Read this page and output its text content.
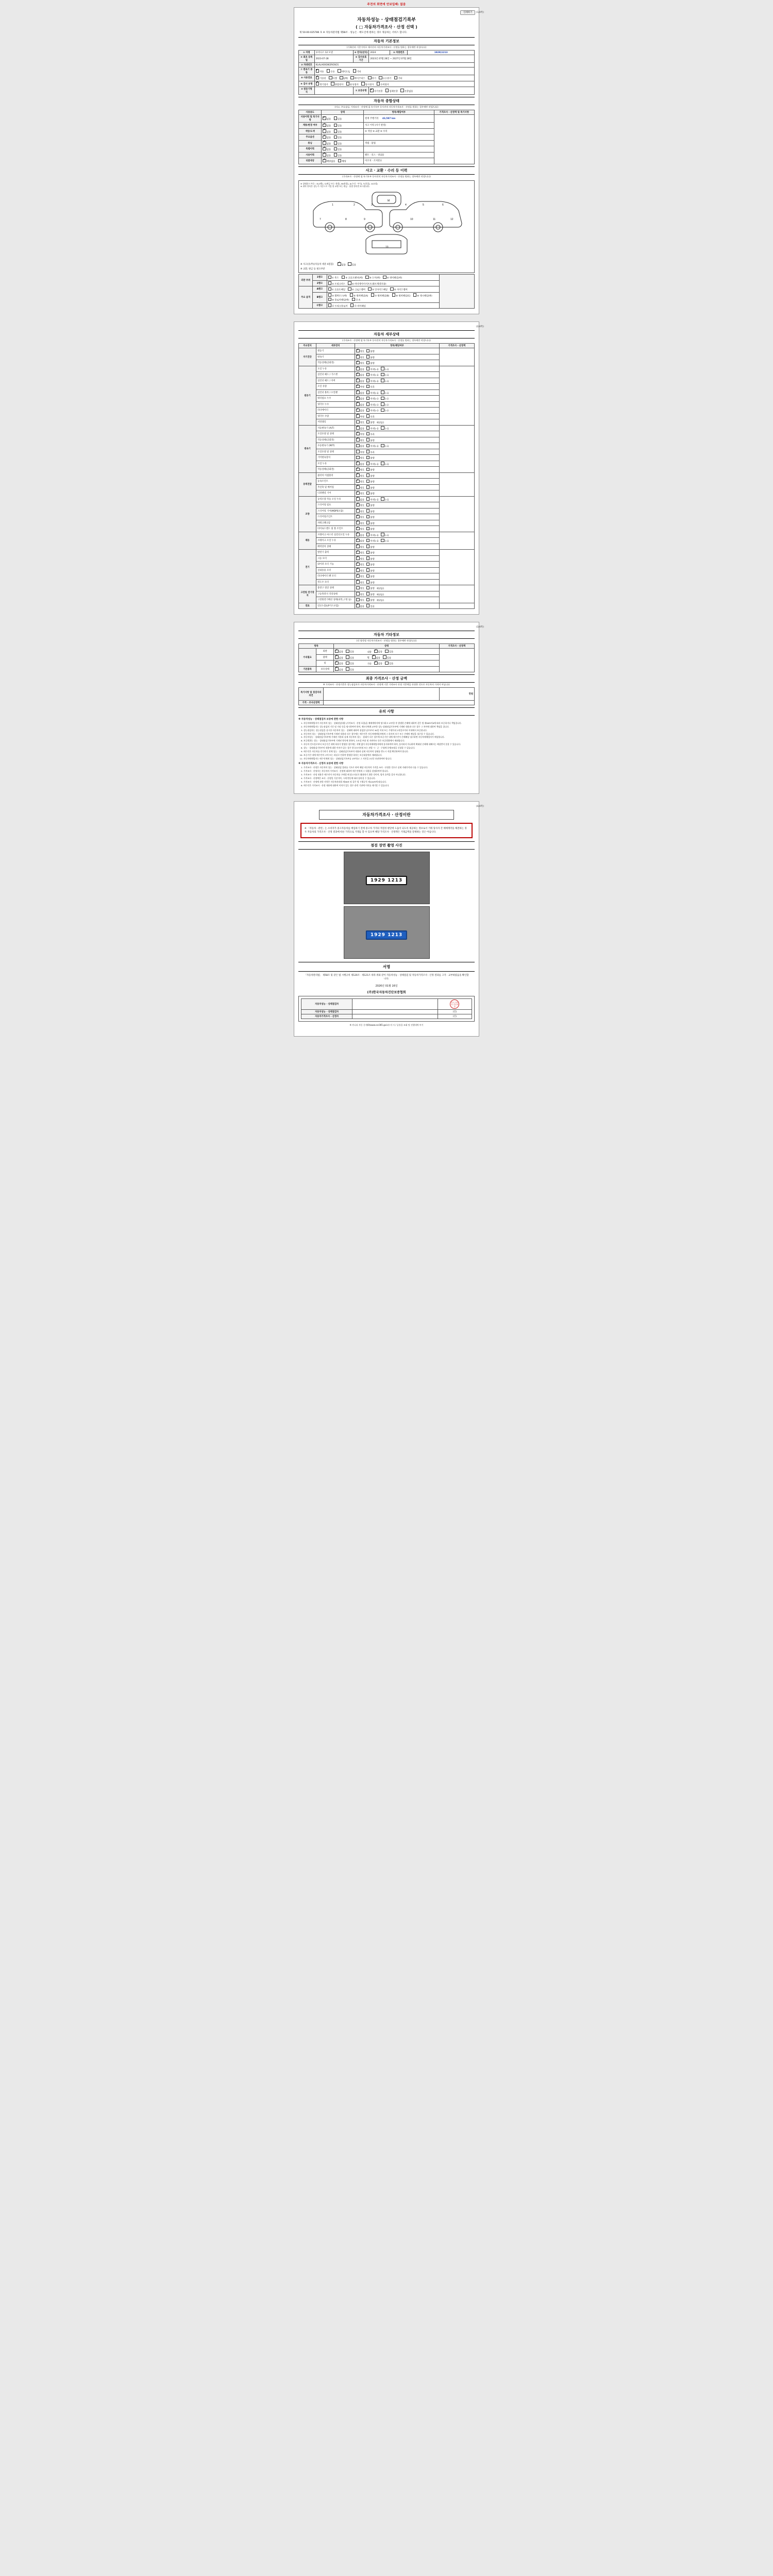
주전의 회면에 안보입때: 없음
인쇄하기 (1/4쪽)
자동차성능 · 상태점검기록부
( □ 자동차가격조사 · 산정 선택 )
제 50-00-025786 호 ※ 자동차관리법 제58조 · 성능은 · 매도인에 원하는 경우 제공하는 서비스 합니다.
자동차 기본정보
(가족신과 기준가치로 제시산의 자동차가격조사 · 산정를 원하는 경우에만 작성/니다)
① 차명	루비니스 12 모델	④ 연식(년식)	2024	⑤ 차량번호	1929)1213
② 최초 등록일	2023-07-28	⑥ 검사유효기간	2023년 07월 28일 ~ 2027년 07월 28일		
③ 차대번호	KLALA00GW2ROSO1				
⑦ 변속기 종류	✔자동 수동 세미오토 기타
⑧ 사용연료	✔가솔린 디젤 LPG 하이브리드 전기 수소전기 기타
⑨ 검사 유형	✔정기검사 종합검사 튜닝검사 임시검사 수리검사
⑩ 원동기형식		① 보증유형	✔자가보증 업체보증 보증없음
자동차 종합상태
(비고, 주요점검, 가격조사 · 산정에 필 록기록부 등사진의 자동차가격조사 · 산정를 원하는 경우에만 작성/니다)
사용용도	상태	항목/해당여부	가격조사 · 산정액 및 특기사항
사용이력 및 특기사항	✔없음 있음	현재 주행거리 43,587 km	
계통/변경 여부	✔없음 있음	사고 이력 (자기 판정)	
색상/도색	✔없음 있음	② 색상 ③ 교환 ④ 수리	
주요옵션	✔없음 있음	
튜닝	✔없음 있음	적법 · 불법	
특별이력	✔없음 있음	
사용이력	✔없음 있음	렌트 · 리스 · 영업용	
리콜대상	✔해당없음 해당	미조치 · 조치완료	
사고 · 교환 · 수리 등 이력
(가격조사 · 산정에 필 록기록부 등사진의 자동차가격조사 · 산정를 원하는 경우에만 작성/니다)
※ 상태표시 부호 : X(교환), C(판금 또는 용접), W(용접), A(수리 · 부식), T(흠집), U(요철)
※ 위의 항목은 성능가 기준으로 기입 및 교환 또는 판금 · 용접 항목만 표시합니다.
1	2	3
M
4	5	6
7	8	9	10	11	12
13
※ 사고(유/무)(자동차 세분 4점검) ✔	없음	있음
※ 교환, 판금 등 필요부분
외판 부위	1랭크	① 후드 ② 프론트펜더(좌) ③ 도어(좌) ④ 쿼터패널(좌)	
	2랭크	⑤ 트렁크리드 ⑥ 라디에이터서포트(볼트체결부품)	
주요 골격	A랭크	① 프론트패널 ② 크로스멤버 ③ 인사이드패널 ④ 사이드멤버	
	B랭크	⑤ 휠하우스(좌) ⑥ 필러패널(A) ⑦ 필러패널(B) ⑧ 필러패널(C) ⑨ 대시패널(좌) ⑩ 플로어패널(좌) ⑪ A	
	C랭크	⑫ 트렁크플로어 ⑬ 리어패널	
(2/4쪽)
자동차 세부상태
(가격조사 · 산정에 필 록기록부 등사진의 자동차가격조사 · 산정를 원하는 경우에만 작성/니다)
주요장치	세부장치	항목/해당여부	가격조사 · 산정액
자기진단	원동기	✔양호 불량	
	변속기	✔양호 불량
	작동상태(공회전)	✔양호 불량
원동기	오일 누유	✔없음 미세누유 누유	
	실린더 헤드 / 가스켓	✔없음 미세누유 누유
	실린더 헤드 / 커버	✔없음 미세누유 누유
	오일 유량	✔적정 부족
	실린더 블록 / 오일팬	✔없음 미세누유 누유
	워터펌프 누수	✔없음 미세누수 누수
	냉각수 누수	✔없음 미세누수 누수
	라디에이터	✔없음 미세누수 누수
	냉각수 수량	✔적정 부족
	커먼레일	양호 불량 해당없음	
변속기	자동변속기 (A/T)	✔없음 미세누유 누유	
	오일유량 및 상태	✔적정 부족
	작동상태(공회전)	✔양호 불량
	수동변속기 (M/T)	없음 미세누유 누유	
	오일유량 및 상태	적정 부족	
	기어변속장치	양호 불량	
	오일 누유	✔없음 미세누유 누유
	작동상태(공회전)	✔양호 불량
동력전달	클러치 어셈블리	✔양호 불량	
	등속조인트	✔양호 불량
	추진축 및 베어링	✔양호 불량
	디퍼렌셜 기어	✔양호 불량
조향	동력조향 작동 오일 누유	✔없음 미세누유 누유	
	스티어링 펌프	✔양호 불량
	스티어링 기어(MDPS포함)	✔양호 불량
	스티어링조인트	✔양호 불량
	파워크랭크암	✔양호 불량
	타이로드엔드 및 볼 조인트	✔양호 불량
제동	브레이크 마스터 실린더오일 누유	✔없음 미세누유 누유	
	브레이크 오일 누유	✔없음 미세누유 누유
	배력장치 상태	✔양호 불량
전기	발전기 출력	✔양호 불량	
	시동 모터	✔양호 불량
	와이퍼 모터 기능	✔양호 불량
	실내송풍 모터	✔양호 불량
	라디에이터 팬 모터	✔양호 불량
	윈도우 모터	✔양호 불량
고전원 전기장치	충전구 절연 상태	양호 불량 해당없음	
	구동축전지 격리상태	양호 불량 해당없음	
	고전원전기배선 상태(피복,고정 등)	양호 불량 해당없음	
연료	연료누출(LP가스포함)	✔없음 있음	
(3/4쪽)
자동차 기타정보
(각 항목별 자동차가격조사 · 산정를 원하는 경우에만 작성/니다)
항목		상태	가격조사 · 산정액
수리필요	외판	✔없음 있음 내장 ✔ 없음 있음	
	광택	✔없음 있음 휠 ✔ 없음 있음
	룸	✔없음 있음 기타 ✔ 없음 있음
기본품목	보유상태	✔없음 있음
최종 가격조사 · 산정 금액
※ 가격조사 · 산정기준은 성능점검자가 자동차가격조사 · 산정액 기준 가격조사 산정 기준액을 산정한 것으로 자동차의 가격이 아닙니다
특기사항 및 점검자의 의견		만원
가격 · 조사산정액		
유의 사항
※ 자동차성능 · 상태점검자 보증에 관한 사항
1. 자동차매매업자가 자동차의 성능 · 상태점검내용 (가격조사 · 산정 포함)을 매매계약서에 명시하고 교부한 후 발생한 손해에 대하여 같은 법 제58조의4에 따라 보증하거나 책임집니다.
2. 자동차매매업자는 성능점검의 기간 및 거리 등을 명시하여야 하며, 매도인에게 교부한 성능·상태점검기록부에 기재된 내용과 다른 경우 그 차이에 대하여 책임을 집니다.
3. 성능점검자는 성능점검을 실시한 자동차의 성능 · 상태에 대하여 점검한 날로부터 30일 이내 또는 주행거리 2천킬로미터 이내에서 보증합니다.
4. 자동차의 성능 · 상태점검기록부에 기재된 내용과 다른 경우에는 매수인은 자동차매매업자에게 그 하자의 보수 또는 손해의 배상을 청구할 수 있습니다.
5. 자동차성능 · 상태점검기록부에 기재된 사항과 실제 자동차의 성능 · 상태가 다른 경우에 보증기간 내에 매수인이 손해배상 청구하면 자동차매매업자가 배상합니다.
6. 보증범위는 성능 · 상태점검기록부에 기재된 항목에 한하며, 소모성 부품 및 자연마모 등은 보증범위에서 제외됩니다.
7. 자동차 인도일로부터 보증기간 내에 하자가 발생한 경우에는 지체 없이 자동차매매업자에게 통지하여야 하며, 통지하지 아니하여 확대된 손해에 대해서는 배상받지 못할 수 있습니다.
8. 성능 · 상태점검기록부의 내용에 대한 이의가 있는 경우 한국소비자원 또는 관할 시 · 군 · 구청에 분쟁조정을 신청할 수 있습니다.
9. 매수인은 자동차를 인수하기 전에 성능 · 상태점검기록부의 내용과 실제 자동차의 상태를 반드시 직접 확인하여야 합니다.
10. 보증기간 내에 매수인의 고의 또는 과실로 인하여 발생한 하자는 보증대상에서 제외됩니다.
11. 자동차매매업자는 매수인에게 성능 · 상태점검기록부를 교부하고 그 사본을 1년간 보관하여야 합니다.
※ 자동차가격조사 · 산정자 보증에 관한 사항
1. 가격조사 · 산정은 자동차의 성능 · 상태점검 결과를 기초로 하여 해당 자동차의 가격을 조사 · 산정한 것으로 실제 거래가격과 다를 수 있습니다.
2. 가격조사 · 산정자는 자동차의 가격조사 · 산정에 대하여 매수인에게 그 내용을 설명하여야 합니다.
3. 가격조사 · 산정 내용은 매수인이 자동차를 구매할 때 참고자료로 활용하기 위한 것이며, 법적 효력을 갖지 아니합니다.
4. 가격조사 · 산정액은 조사 · 산정일 기준이며, 시세 변동에 따라 달라질 수 있습니다.
5. 가격조사 · 산정에 관한 사항은 자동차관리법 제58조 및 같은 법 시행규칙 제120조에 따릅니다.
6. 매수인은 가격조사 · 산정 내용에 대하여 이의가 있는 경우 관련 기관에 이의를 제기할 수 있습니다.
(4/4쪽)
자동차가격조사 · 산정이란
※ 「자동차 · 관련」는 소비자가 중고자동차를 매입하기 전에 중고차 가격의 적절성 판단에 도움이 되도록 제공하는 정보로서 거래 당사자 간 매매계약을 체결하는 경우 자동차의 가격조사 · 산정 결과에 따른 가격으로 거래를 할 수 있으며 해당 가격조사 · 산정액은 거래금액을 강제하는 것은 아닙니다.
점검 장면 촬영 사진
1929 1213
1929 1213
서명
「자동차관리법」 제58조 및 같은 법 시행규칙 제120조 · 제121조 따라 위와 같이 자동차성능 · 상태점검 및 자동차가격조사 · 산정 결과를 고지 · 교부하였음을 확인합니다.
2026년 01월 16일
(주)한국자동차진단보증협회
자동차성능 · 상태점검자		한국 자동차 진단보증
자동차성능 · 상태점검자		(인)
자동차가격조사 · 산정자		(인)
※ 카니다 자동 중개/0(www.car365.go.kr) 의 시 / 공통을 조회 및 진행내역 부기
